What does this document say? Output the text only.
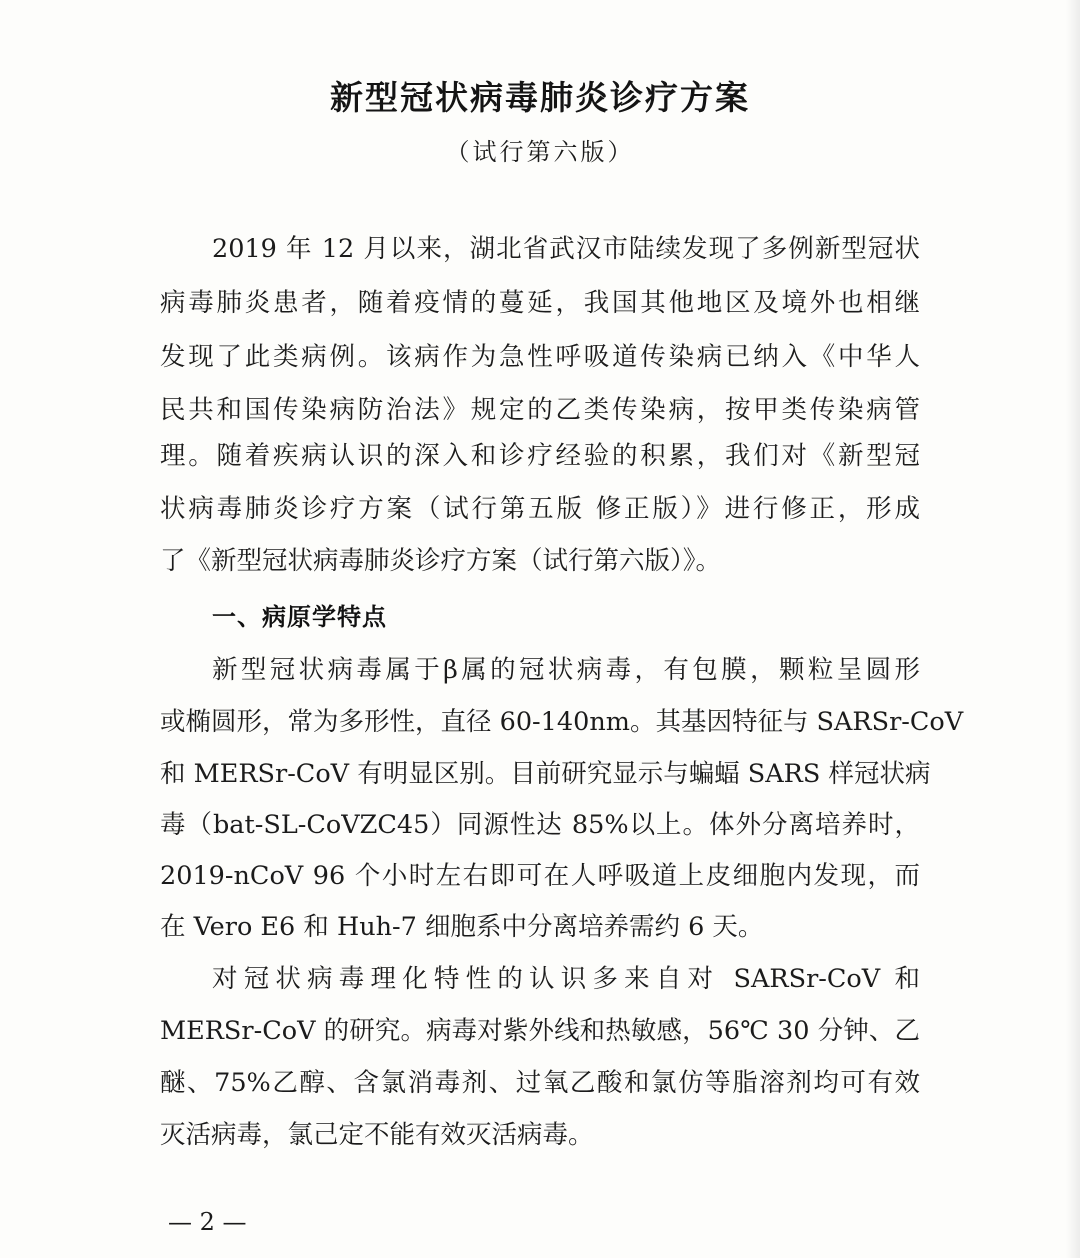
新型冠状病毒肺炎诊疗方案
（试行第六版）
2019 年 12 月以来，湖北省武汉市陆续发现了多例新型冠状
病毒肺炎患者，随着疫情的蔓延，我国其他地区及境外也相继
发现了此类病例。该病作为急性呼吸道传染病已纳入《中华人
民共和国传染病防治法》规定的乙类传染病，按甲类传染病管
理。随着疾病认识的深入和诊疗经验的积累，我们对《新型冠
状病毒肺炎诊疗方案（试行第五版 修正版）》进行修正，形成
了《新型冠状病毒肺炎诊疗方案（试行第六版）》。
一、病原学特点
新型冠状病毒属于β属的冠状病毒，有包膜，颗粒呈圆形
或椭圆形，常为多形性，直径 60-140nm。其基因特征与 SARSr-CoV
和 MERSr-CoV 有明显区别。目前研究显示与蝙蝠 SARS 样冠状病
毒（bat-SL-CoVZC45）同源性达 85%以上。体外分离培养时，
2019-nCoV 96 个小时左右即可在人呼吸道上皮细胞内发现，而
在 Vero E6 和 Huh-7 细胞系中分离培养需约 6 天。
对冠状病毒理化特性的认识多来自对 SARSr-CoV 和
MERSr-CoV 的研究。病毒对紫外线和热敏感，56℃ 30 分钟、乙
醚、75%乙醇、含氯消毒剂、过氧乙酸和氯仿等脂溶剂均可有效
灭活病毒，氯己定不能有效灭活病毒。
— 2 —
